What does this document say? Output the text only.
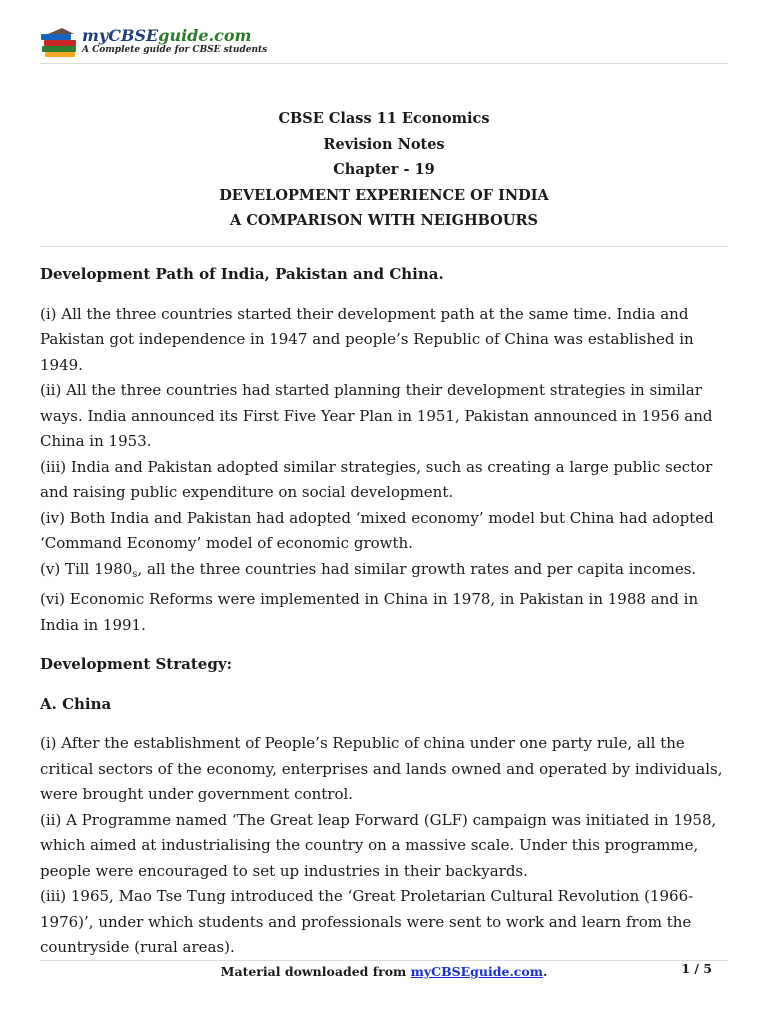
myCBSEguide.com
A Complete guide for CBSE students
CBSE Class 11 Economics
Revision Notes
Chapter - 19
DEVELOPMENT EXPERIENCE OF INDIA
A COMPARISON WITH NEIGHBOURS

Development Path of India, Pakistan and China.

(i) All the three countries started their development path at the same time. India and Pakistan got independence in 1947 and people’s Republic of China was established in 1949.

(ii) All the three countries had started planning their development strategies in similar ways. India announced its First Five Year Plan in 1951, Pakistan announced in 1956 and China in 1953.

(iii) India and Pakistan adopted similar strategies, such as creating a large public sector and raising public expenditure on social development.

(iv) Both India and Pakistan had adopted ‘mixed economy’ model but China had adopted ‘Command Economy’ model of economic growth.

(v) Till $1980_s$, all the three countries had similar growth rates and per capita incomes.

(vi) Economic Reforms were implemented in China in 1978, in Pakistan in 1988 and in India in 1991.

Development Strategy:

A. China

(i) After the establishment of People’s Republic of china under one party rule, all the critical sectors of the economy, enterprises and lands owned and operated by individuals, were brought under government control.

(ii) A Programme named ‘The Great leap Forward (GLF) campaign was initiated in 1958, which aimed at industrialising the country on a massive scale. Under this programme, people were encouraged to set up industries in their backyards.

(iii) 1965, Mao Tse Tung introduced the ‘Great Proletarian Cultural Revolution (1966-1976)’, under which students and professionals were sent to work and learn from the countryside (rural areas).

Material downloaded from myCBSEguide.com.	1 / 5
